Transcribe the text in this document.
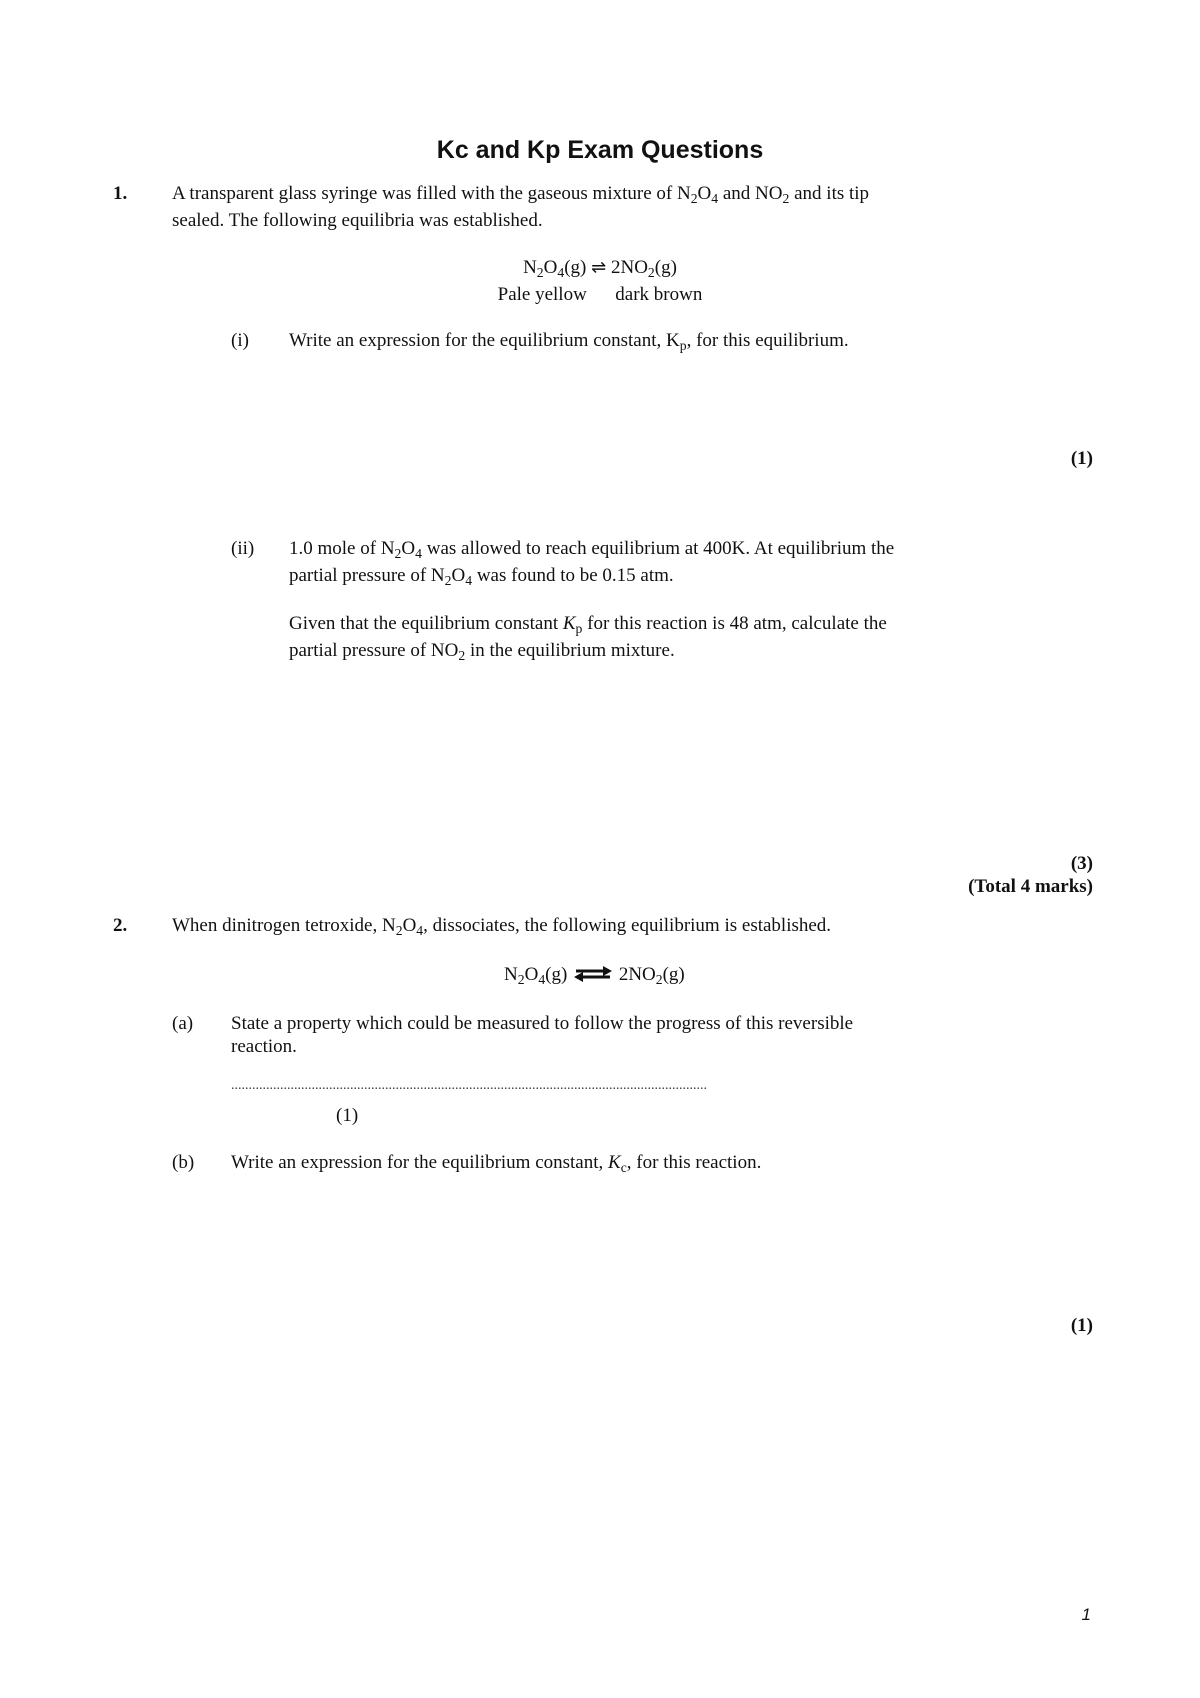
Kc and Kp Exam Questions
1. A transparent glass syringe was filled with the gaseous mixture of $N_2O_4$ and $NO_2$ and its tip
sealed. The following equilibria was established.
$N_2O_4(g)$ ⇌ $2NO_2(g)$
Pale yellow      dark brown
(i) Write an expression for the equilibrium constant, $K_p$, for this equilibrium.
(1)
(ii) 1.0 mole of $N_2O_4$ was allowed to reach equilibrium at 400K. At equilibrium the
partial pressure of $N_2O_4$ was found to be 0.15 atm.
Given that the equilibrium constant $K_p$ for this reaction is 48 atm, calculate the
partial pressure of $NO_2$ in the equilibrium mixture.
(3)
(Total 4 marks)
2. When dinitrogen tetroxide, $N_2O_4$, dissociates, the following equilibrium is established.
$N_2O_4(g)$ ⇌ $2NO_2(g)$
(a) State a property which could be measured to follow the progress of this reversible
reaction.
........................................................................................................................................
(1)
(b) Write an expression for the equilibrium constant, $K_c$, for this reaction.
(1)
1
